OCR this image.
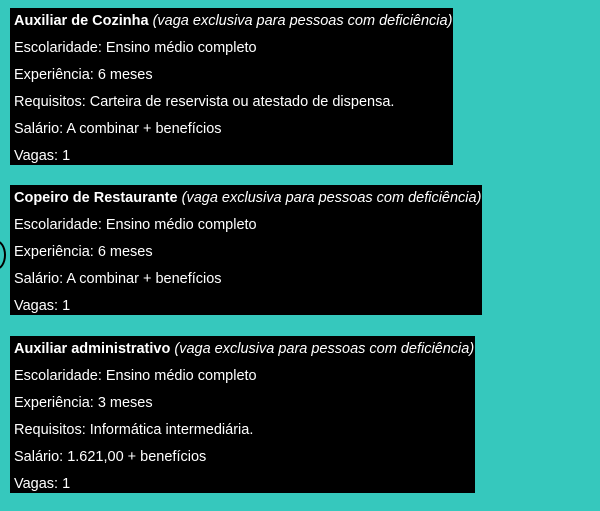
Auxiliar de Cozinha (vaga exclusiva para pessoas com deficiência)
Escolaridade: Ensino médio completo
Experiência: 6 meses
Requisitos: Carteira de reservista ou atestado de dispensa.
Salário: A combinar + benefícios
Vagas: 1
Copeiro de Restaurante (vaga exclusiva para pessoas com deficiência)
Escolaridade: Ensino médio completo
Experiência: 6 meses
Salário: A combinar + benefícios
Vagas: 1
Auxiliar administrativo (vaga exclusiva para pessoas com deficiência)
Escolaridade: Ensino médio completo
Experiência: 3 meses
Requisitos: Informática intermediária.
Salário: 1.621,00 + benefícios
Vagas: 1
